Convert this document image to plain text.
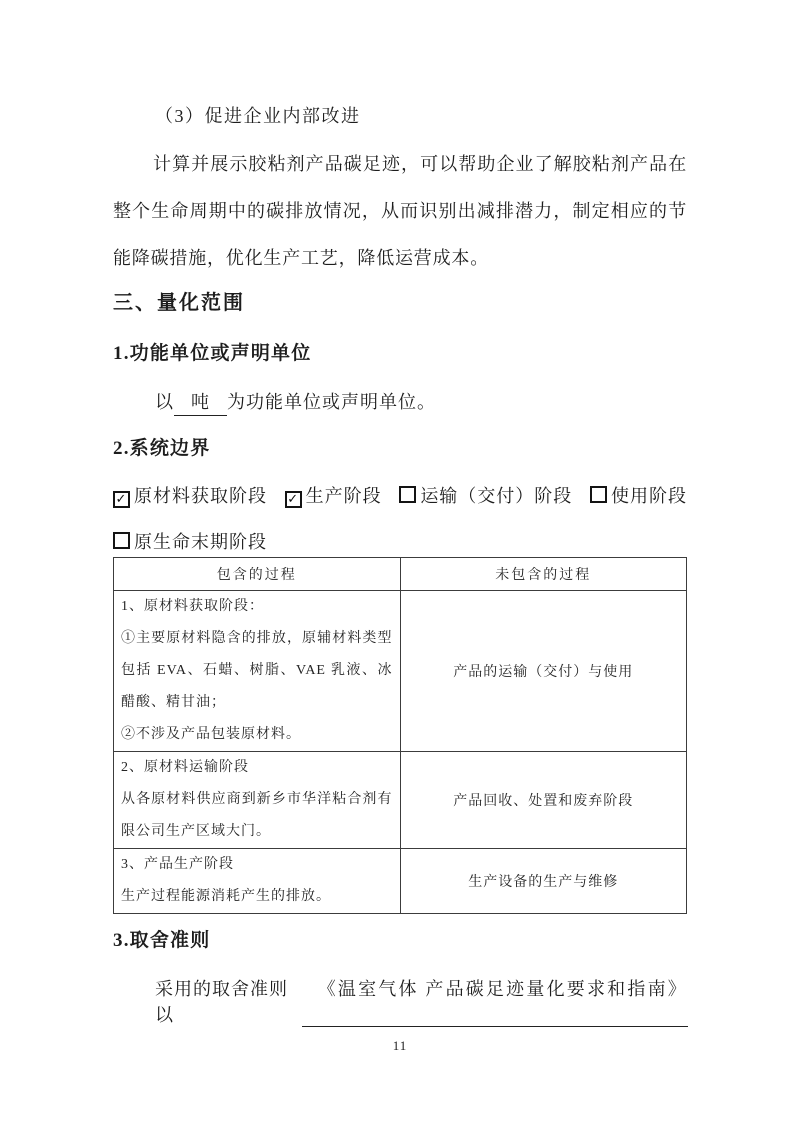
（3）促进企业内部改进
计算并展示胶粘剂产品碳足迹，可以帮助企业了解胶粘剂产品在整个生命周期中的碳排放情况，从而识别出减排潜力，制定相应的节能降碳措施，优化生产工艺，降低运营成本。
三、量化范围
1.功能单位或声明单位
以 吨 为功能单位或声明单位。
2.系统边界
✓ 原材料获取阶段 ✓ 生产阶段	运输（交付）阶段	使用阶段
原生命末期阶段
包含的过程	未包含的过程

1、原材料获取阶段：

①主要原材料隐含的排放，原辅材料类型包括 EVA、石蜡、树脂、VAE 乳液、冰醋酸、精甘油；

②不涉及产品包装原材料。	产品的运输（交付）与使用

2、原材料运输阶段

从各原材料供应商到新乡市华洋粘合剂有限公司生产区域大门。	产品回收、处置和废弃阶段

3、产品生产阶段

生产过程能源消耗产生的排放。	生产设备的生产与维修
3.取舍准则
采用的取舍准则以
《温室气体 产品碳足迹量化要求和指南》
11
